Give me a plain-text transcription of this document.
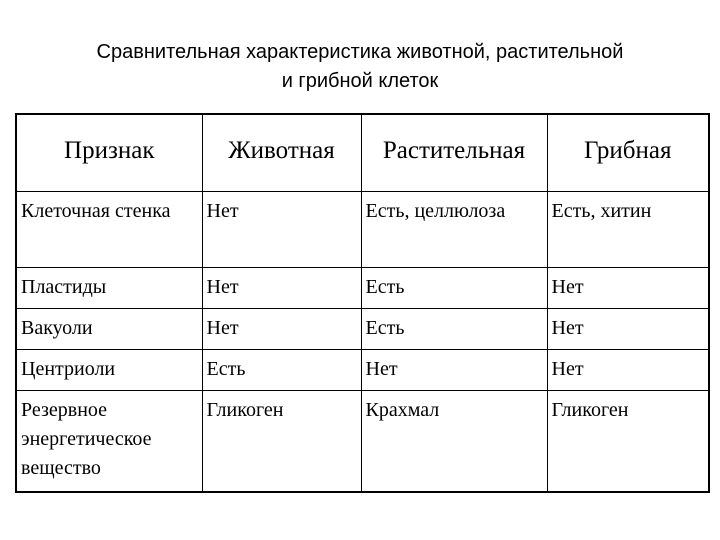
Сравнительная характеристика животной, растительной
и грибной клеток
Признак	Животная	Растительная	Грибная
Клеточная стенка	Нет	Есть, целлюлоза	Есть, хитин
Пластиды	Нет	Есть	Нет
Вакуоли	Нет	Есть	Нет
Центриоли	Есть	Нет	Нет
Резервное энергетическое вещество	Гликоген	Крахмал	Гликоген
